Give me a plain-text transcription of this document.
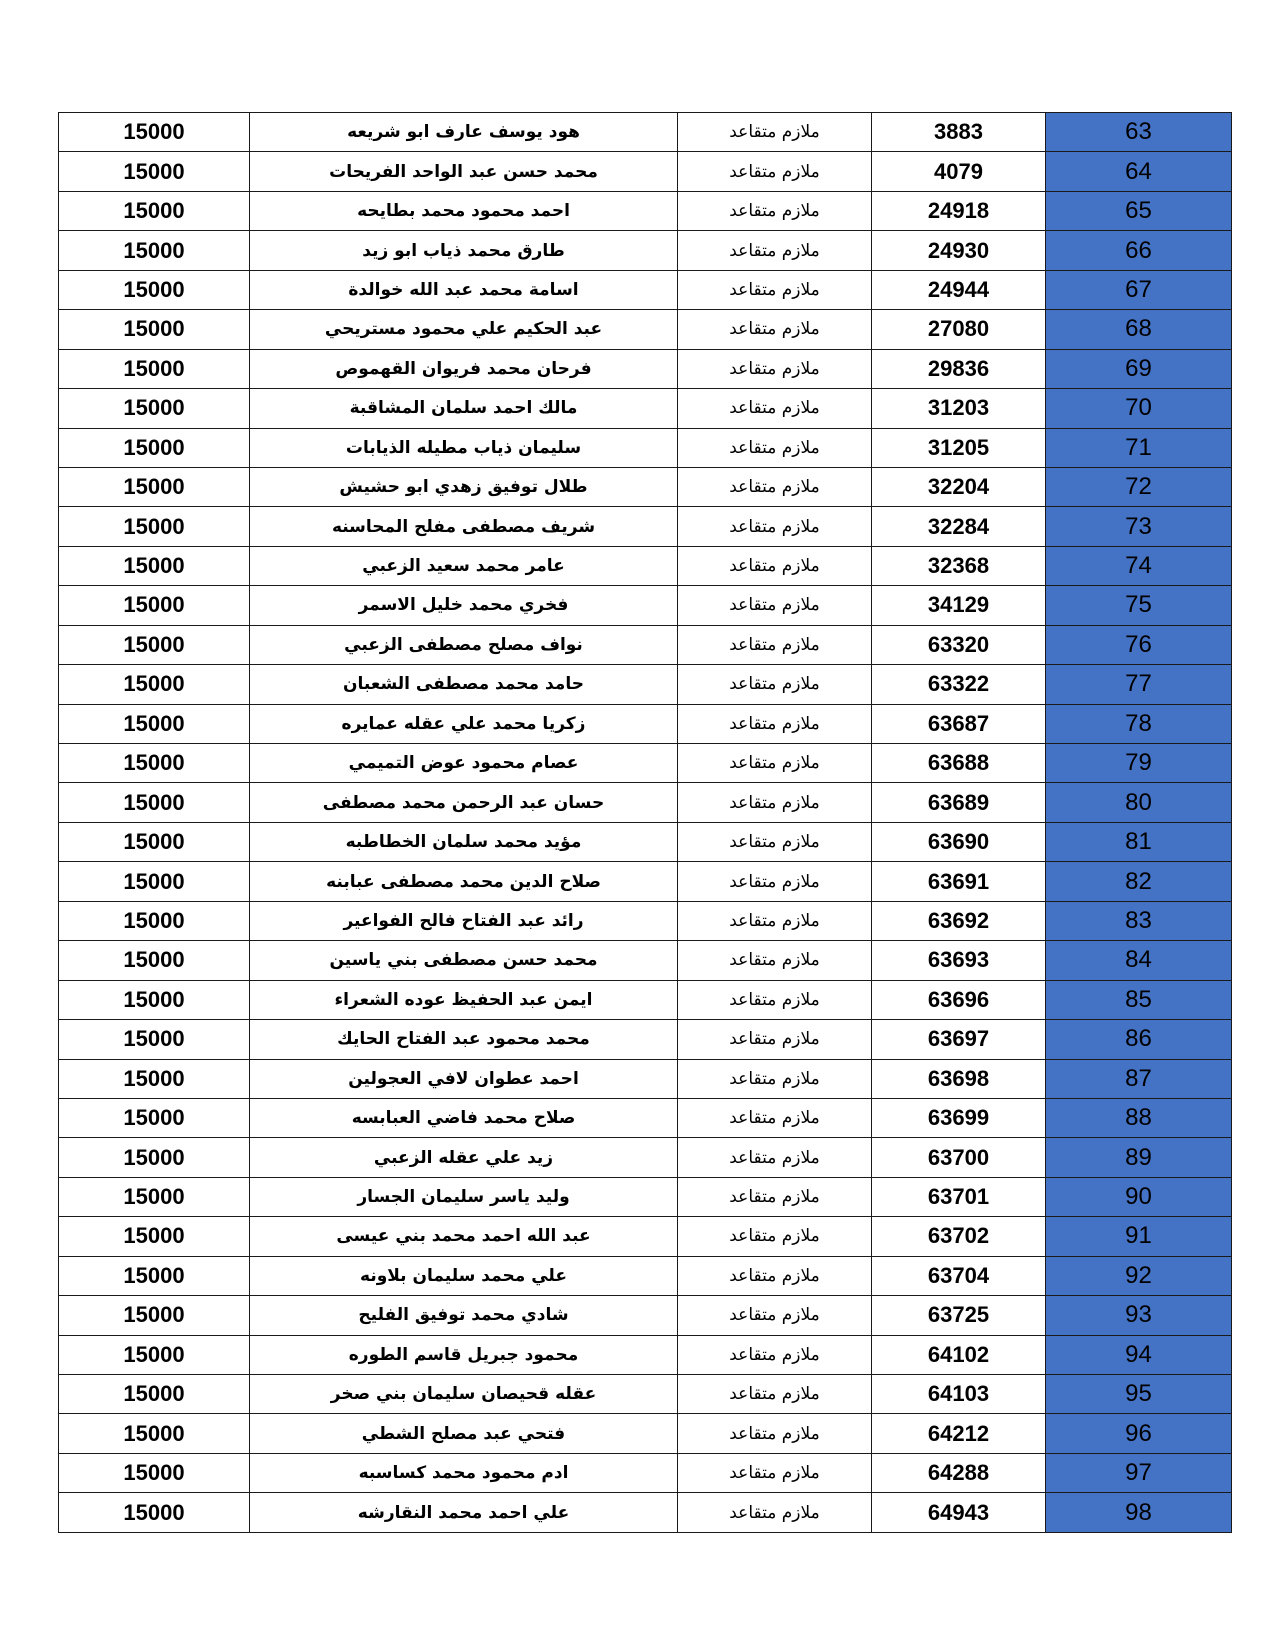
15000	هود يوسف عارف ابو شريعه	ملازم متقاعد	3883	63
15000	محمد حسن عبد الواحد الفريحات	ملازم متقاعد	4079	64
15000	احمد محمود محمد بطايحه	ملازم متقاعد	24918	65
15000	طارق محمد ذياب ابو زيد	ملازم متقاعد	24930	66
15000	اسامة محمد عبد الله خوالدة	ملازم متقاعد	24944	67
15000	عبد الحكيم علي محمود مستريحي	ملازم متقاعد	27080	68
15000	فرحان محمد فريوان القهموص	ملازم متقاعد	29836	69
15000	مالك احمد سلمان المشاقبة	ملازم متقاعد	31203	70
15000	سليمان ذياب مطيله الذيابات	ملازم متقاعد	31205	71
15000	طلال توفيق زهدي ابو حشيش	ملازم متقاعد	32204	72
15000	شريف مصطفى مفلح المحاسنه	ملازم متقاعد	32284	73
15000	عامر محمد سعيد الزعبي	ملازم متقاعد	32368	74
15000	فخري محمد خليل الاسمر	ملازم متقاعد	34129	75
15000	نواف مصلح مصطفى الزعبي	ملازم متقاعد	63320	76
15000	حامد محمد مصطفى الشعبان	ملازم متقاعد	63322	77
15000	زكريا محمد علي عقله عمايره	ملازم متقاعد	63687	78
15000	عصام محمود عوض التميمي	ملازم متقاعد	63688	79
15000	حسان عبد الرحمن محمد مصطفى	ملازم متقاعد	63689	80
15000	مؤيد محمد سلمان الخطاطبه	ملازم متقاعد	63690	81
15000	صلاح الدين محمد مصطفى عبابنه	ملازم متقاعد	63691	82
15000	رائد عبد الفتاح فالح الفواعير	ملازم متقاعد	63692	83
15000	محمد حسن مصطفى بني ياسين	ملازم متقاعد	63693	84
15000	ايمن عبد الحفيظ عوده الشعراء	ملازم متقاعد	63696	85
15000	محمد محمود عبد الفتاح الحايك	ملازم متقاعد	63697	86
15000	احمد عطوان لافي العجولين	ملازم متقاعد	63698	87
15000	صلاح محمد فاضي العبابسه	ملازم متقاعد	63699	88
15000	زيد علي عقله الزعبي	ملازم متقاعد	63700	89
15000	وليد ياسر سليمان الجسار	ملازم متقاعد	63701	90
15000	عبد الله احمد محمد بني عيسى	ملازم متقاعد	63702	91
15000	علي محمد سليمان بلاونه	ملازم متقاعد	63704	92
15000	شادي محمد توفيق الفليح	ملازم متقاعد	63725	93
15000	محمود جبريل قاسم الطوره	ملازم متقاعد	64102	94
15000	عقله قحيصان سليمان بني صخر	ملازم متقاعد	64103	95
15000	فتحي عبد مصلح الشطي	ملازم متقاعد	64212	96
15000	ادم محمود محمد كساسبه	ملازم متقاعد	64288	97
15000	علي احمد محمد النقارشه	ملازم متقاعد	64943	98
